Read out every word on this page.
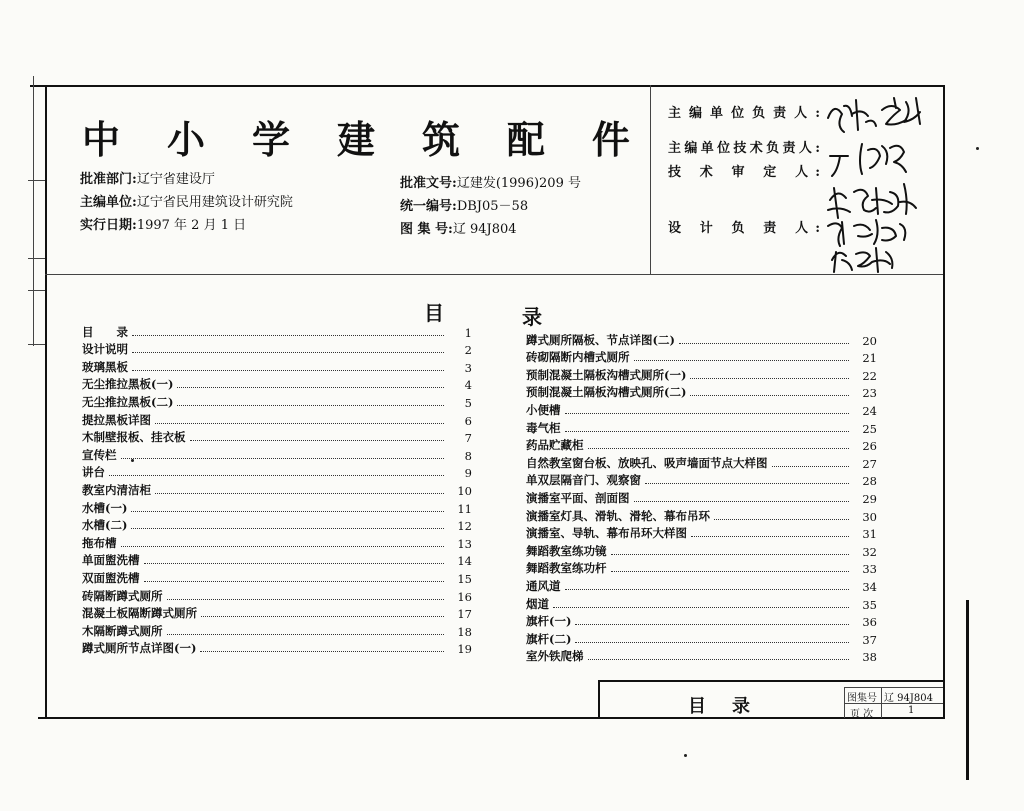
中 小 学 建 筑 配 件
批准部门:辽宁省建设厅
主编单位:辽宁省民用建筑设计研究院
实行日期:1997 年 2 月 1 日
批准文号:辽建发(1996)209 号
统一编号:DBJ05－58
图 集 号:辽 94J804
主编单位负责人:
主编单位技术负责人:
技 术 审 定 人:
设 计 负 责 人:
目	录
目　　录	1
设计说明	2
玻璃黑板	3
无尘推拉黑板(一)	4
无尘推拉黑板(二)	5
提拉黑板详图	6
木制壁报板、挂衣板	7
宣传栏	8
讲台	9
教室内清洁柜	10
水槽(一)	11
水槽(二)	12
拖布槽	13
单面盥洗槽	14
双面盥洗槽	15
砖隔断蹲式厕所	16
混凝土板隔断蹲式厕所	17
木隔断蹲式厕所	18
蹲式厕所节点详图(一)	19
蹲式厕所隔板、节点详图(二)	20
砖砌隔断内槽式厕所	21
预制混凝土隔板沟槽式厕所(一)	22
预制混凝土隔板沟槽式厕所(二)	23
小便槽	24
毒气柜	25
药品贮藏柜	26
自然教室窗台板、放映孔、吸声墙面节点大样图	27
单双层隔音门、观察窗	28
演播室平面、剖面图	29
演播室灯具、滑轨、滑轮、幕布吊环	30
演播室、导轨、幕布吊环大样图	31
舞蹈教室练功镜	32
舞蹈教室练功杆	33
通风道	34
烟道	35
旗杆(一)	36
旗杆(二)	37
室外铁爬梯	38
目录	图集号 辽 94J804
页 次	1
